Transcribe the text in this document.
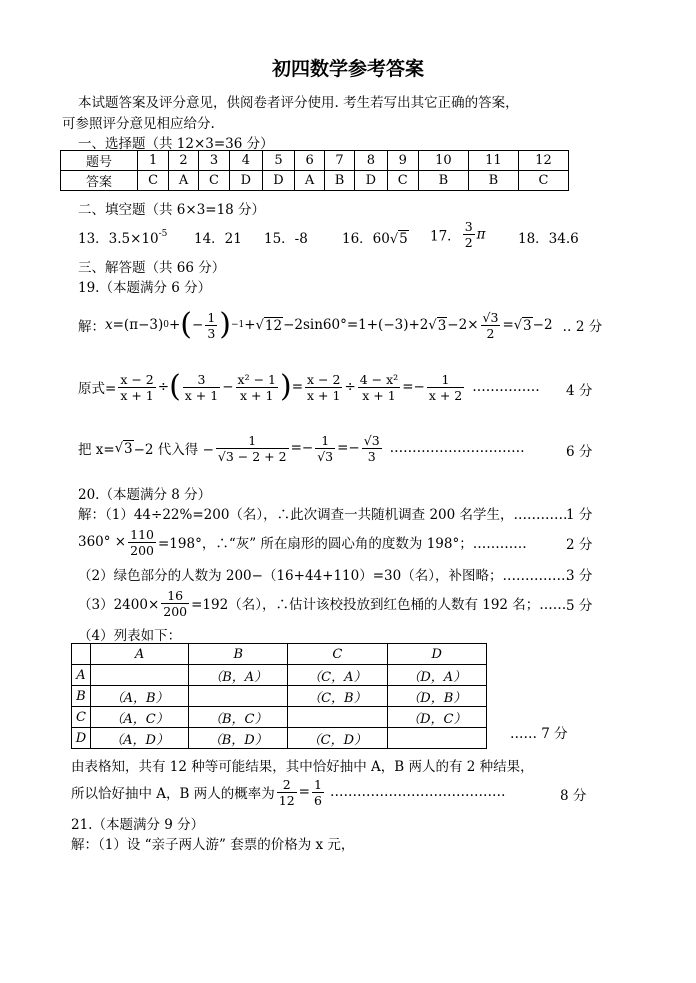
初四数学参考答案
本试题答案及评分意见，供阅卷者评分使用. 考生若写出其它正确的答案，
可参照评分意见相应给分.
一、选择题（共 12×3=36 分）
题号	1	2	3	4	5	6	7	8	9	10	11	12
答案	C	A	C	D	D	A	B	D	C	B	B	C
二、填空题（共 6×3=18 分）
13．$3.5\times 10^{-5}$ 14．21 15．-8	16．60√5 17． $\frac{3}{2}$ π 18．34.6
三、解答题（共 66 分）
19.（本题满分 6 分）
解： x =(π−3) 0 + ( − $\frac{1}{3}$ ) −1 + √ 12 −2sin60°=1+(−3)+2 √ $3 -2\times \frac{√3}{2}$ = √ 3 −2 ‥ 2 分
原式= $\frac{x - 2}{x + 1}$ ÷ ( $\frac{3}{x + 1} - \frac{\text{x² − 1}}{x + 1}$ ) = $\frac{x - 2}{x + 1} \div \frac{\text{4 − x²}}{x + 1} =- \frac{1}{x + 2}$ …………… 4 分
把 x= √ 3 −2 代入得 − $\frac{1}{√3 - 2 + 2} =- \frac{1}{√3} =- \frac{√3}{3}$ …………………………	6 分
20.（本题满分 8 分）
解：（1）44÷22%=200（名），∴此次调查一共随机调查 200 名学生，…………
1 分
$360^\circ \times \frac{110}{200} =198^\circ$，∴“灰” 所在扇形的圆心角的度数为 198°；…………	2 分
（2）绿色部分的人数为 200−（16+44+110）=30（名），补图略；……………
3 分
$(3)2400\times \frac{16}{200} =192$（名），∴估计该校投放到红色桶的人数有 192 名；…… 5 分
（4）列表如下：
	A	B	C	D
A		（B，A）	（C，A）	（D，A）
B	（A，B）		（C，B）	（D，B）
C	（A，C）	（B，C）		（D，C）
D	（A，D）	（B，D）	（C，D）		…… 7 分
由表格知，共有 12 种等可能结果，其中恰好抽中 A，B 两人的有 2 种结果，
所以恰好抽中 A，B 两人的概率为 $\frac{2}{12} = \frac{1}{6}$ …………………………………	8 分
21.（本题满分 9 分）
解：（1）设 “亲子两人游” 套票的价格为 x 元，
